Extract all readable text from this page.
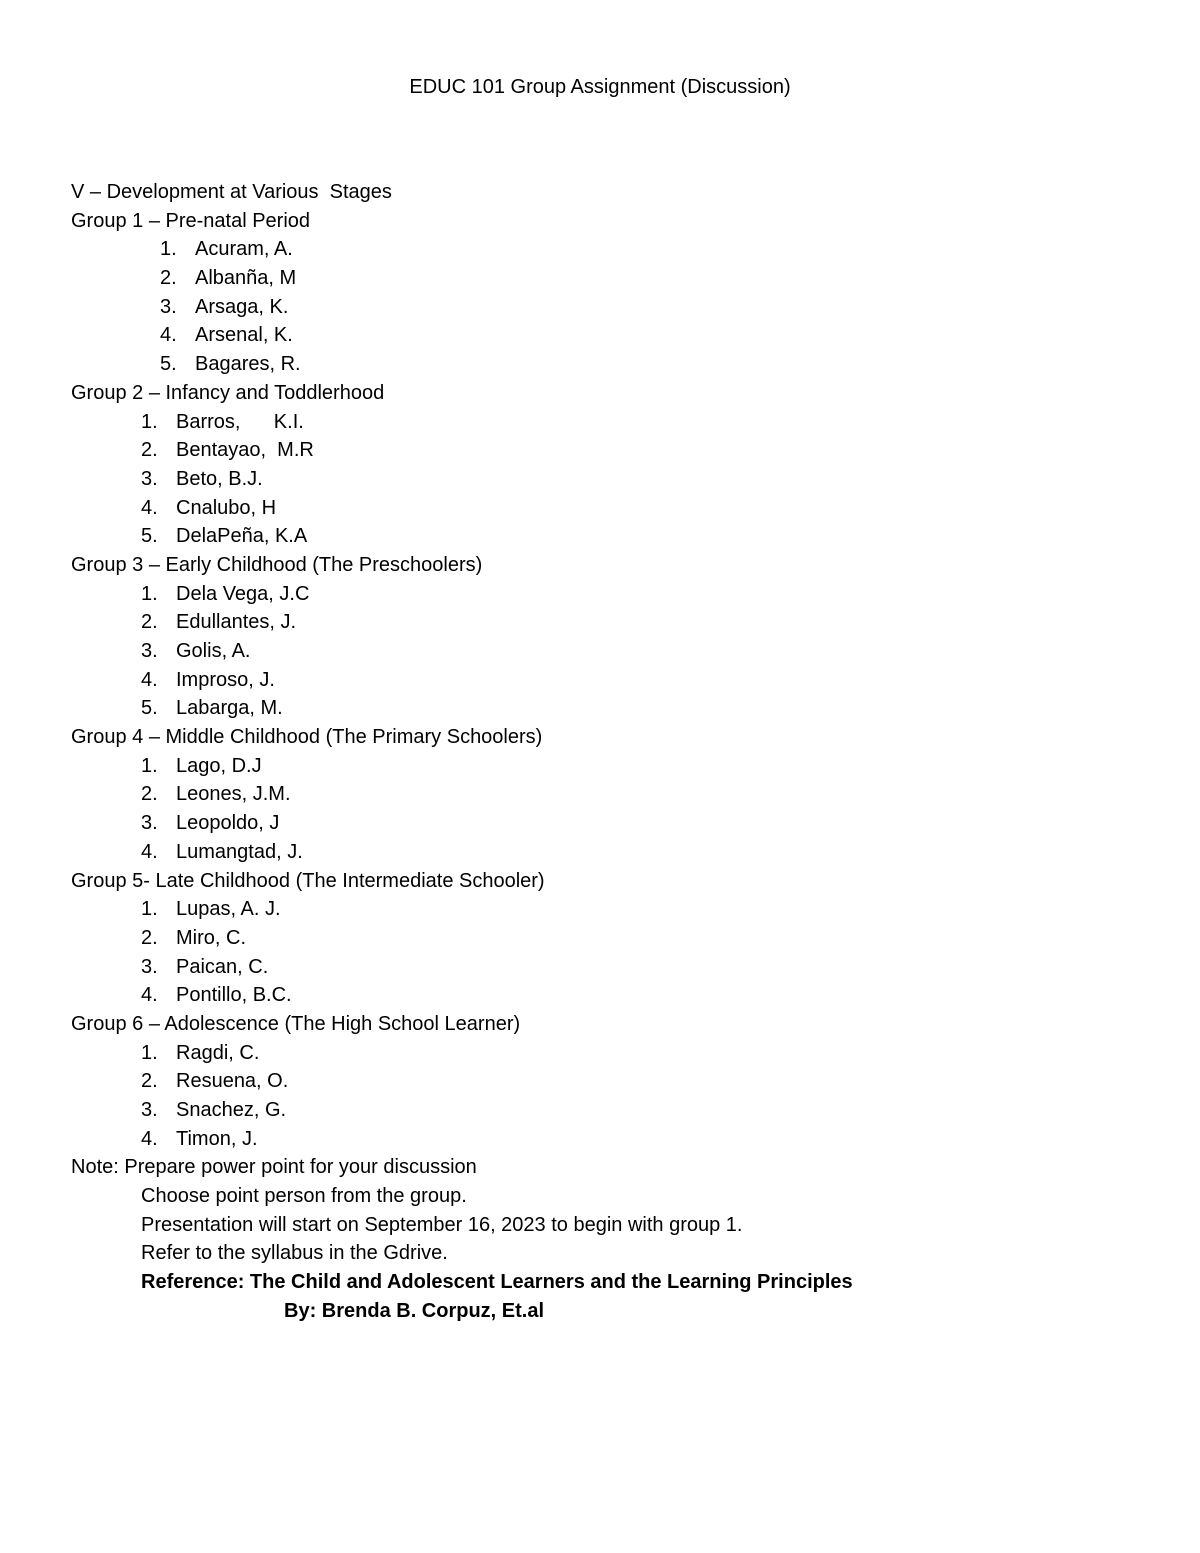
EDUC 101 Group Assignment (Discussion)
V – Development at Various  Stages
Group 1 – Pre-natal Period
1. Acuram, A.
2. Albanña, M
3. Arsaga, K.
4. Arsenal, K.
5. Bagares, R.
Group 2 – Infancy and Toddlerhood
1. Barros,      K.I.
2. Bentayao,  M.R
3. Beto, B.J.
4. Cnalubo, H
5. DelaPeña, K.A
Group 3 – Early Childhood (The Preschoolers)
1. Dela Vega, J.C
2. Edullantes, J.
3. Golis, A.
4. Improso, J.
5. Labarga, M.
Group 4 – Middle Childhood (The Primary Schoolers)
1. Lago, D.J
2. Leones, J.M.
3. Leopoldo, J
4. Lumangtad, J.
Group 5- Late Childhood (The Intermediate Schooler)
1. Lupas, A. J.
2. Miro, C.
3. Paican, C.
4. Pontillo, B.C.
Group 6 – Adolescence (The High School Learner)
1. Ragdi, C.
2. Resuena, O.
3. Snachez, G.
4. Timon, J.
Note: Prepare power point for your discussion
Choose point person from the group.
Presentation will start on September 16, 2023 to begin with group 1.
Refer to the syllabus in the Gdrive.
Reference: The Child and Adolescent Learners and the Learning Principles
By: Brenda B. Corpuz, Et.al
